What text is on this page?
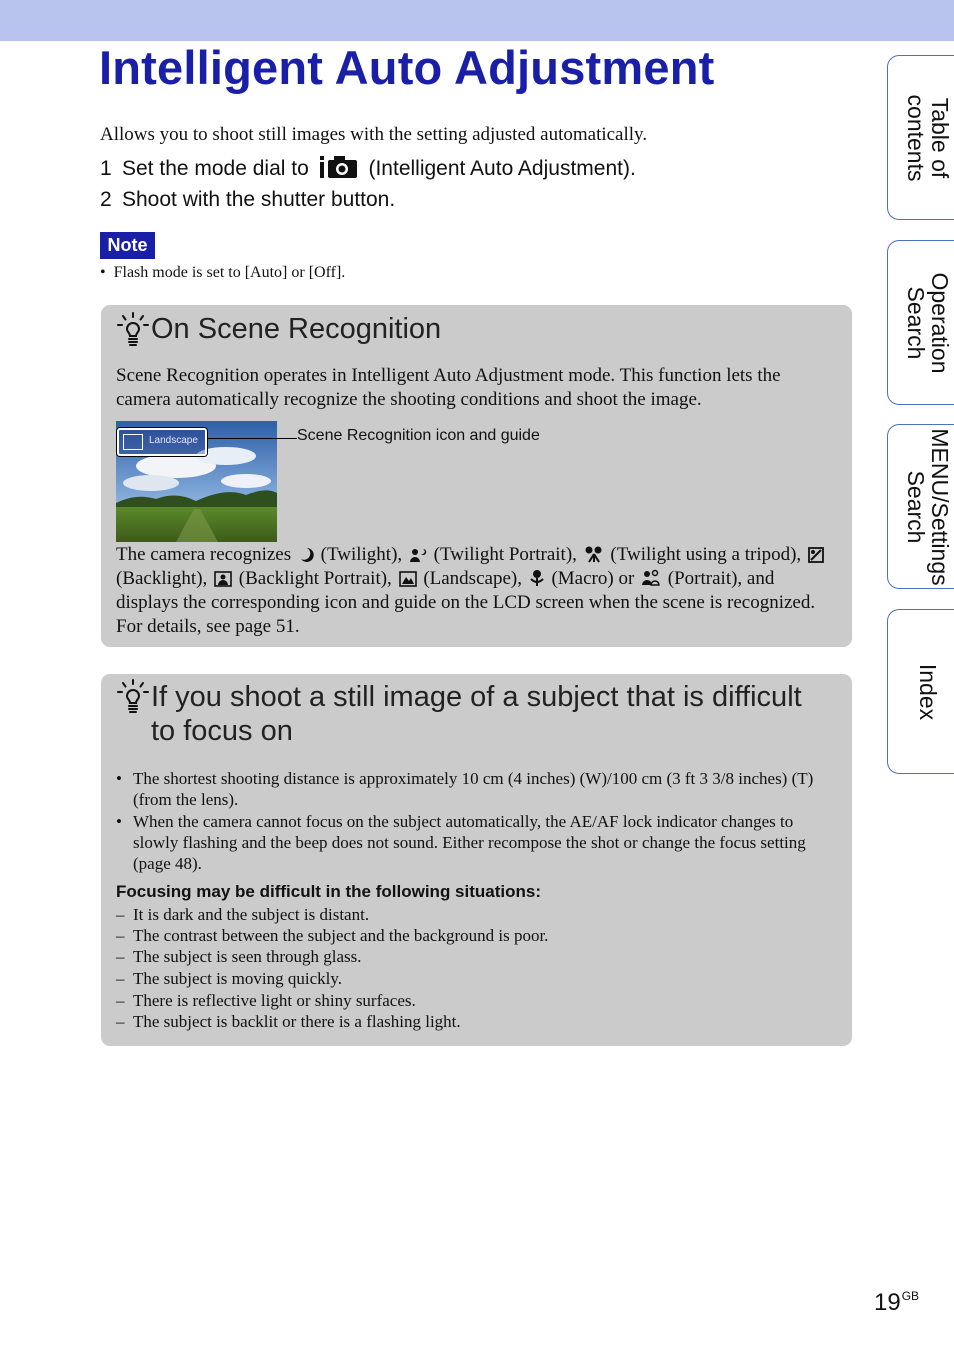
Intelligent Auto Adjustment
Allows you to shoot still images with the setting adjusted automatically.
1 Set the mode dial to	(Intelligent Auto Adjustment).
2 Shoot with the shutter button.
Note
• Flash mode is set to [Auto] or [Off].
On Scene Recognition
Scene Recognition operates in Intelligent Auto Adjustment mode. This function lets the camera automatically recognize the shooting conditions and shoot the image.
Landscape	Scene Recognition icon and guide
The camera recognizes (Twilight), (Twilight Portrait), (Twilight using a tripod),  (Backlight), (Backlight Portrait), (Landscape), (Macro) or (Portrait), and displays the corresponding icon and guide on the LCD screen when the scene is recognized. For details, see page 51.
If you shoot a still image of a subject that is difficult to focus on
• The shortest shooting distance is approximately 10 cm (4 inches) (W)/100 cm (3 ft 3 3/8 inches) (T) (from the lens).
• When the camera cannot focus on the subject automatically, the AE/AF lock indicator changes to slowly flashing and the beep does not sound. Either recompose the shot or change the focus setting (page 48).
Focusing may be difficult in the following situations:
– It is dark and the subject is distant.
– The contrast between the subject and the background is poor.
– The subject is seen through glass.
– The subject is moving quickly.
– There is reflective light or shiny surfaces.
– The subject is backlit or there is a flashing light.
Table of
contents
Operation
Search
MENU/Settings
Search
Index
$19^{GB}$
